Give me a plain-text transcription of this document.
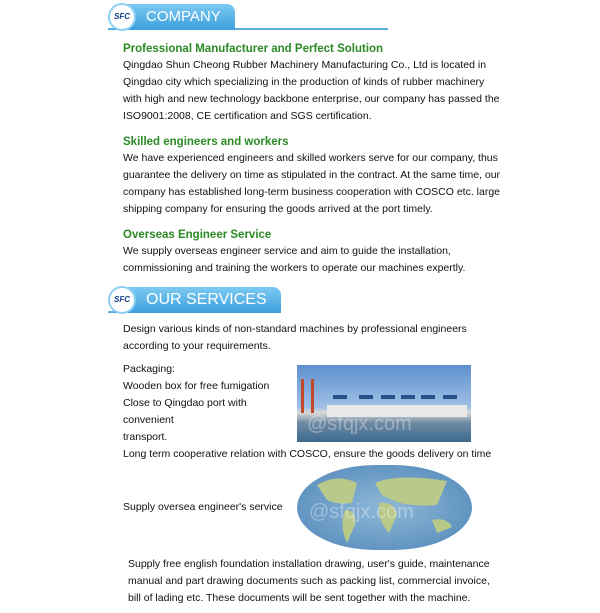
COMPANY
SFC
Professional Manufacturer and Perfect Solution
Qingdao Shun Cheong Rubber Machinery Manufacturing Co., Ltd is located in Qingdao city which specializing in the production of kinds of rubber machinery with high and new technology backbone enterprise, our company has passed the ISO9001:2008, CE certification and SGS certification.
Skilled engineers and workers
We have experienced engineers and skilled workers serve for our company, thus guarantee the delivery on time as stipulated in the contract. At the same time, our company has established long-term business cooperation with COSCO etc. large shipping company for ensuring the goods arrived at the port timely.
Overseas Engineer Service
We supply overseas engineer service and aim to guide the installation, commissioning and training the workers to operate our machines expertly.
OUR SERVICES
SFC
Design various kinds of non-standard machines by professional engineers according to your requirements.
Packaging:
Wooden box for free fumigation
Close to Qingdao port with convenient
transport.
@sfqjx.com
Long term cooperative relation with COSCO, ensure the goods delivery on time
Supply oversea engineer's service	@sfqjx.com
Supply free english foundation installation drawing, user's guide, maintenance manual and part drawing documents such as packing list, commercial invoice, bill of lading etc. These documents will be sent together with the machine.
